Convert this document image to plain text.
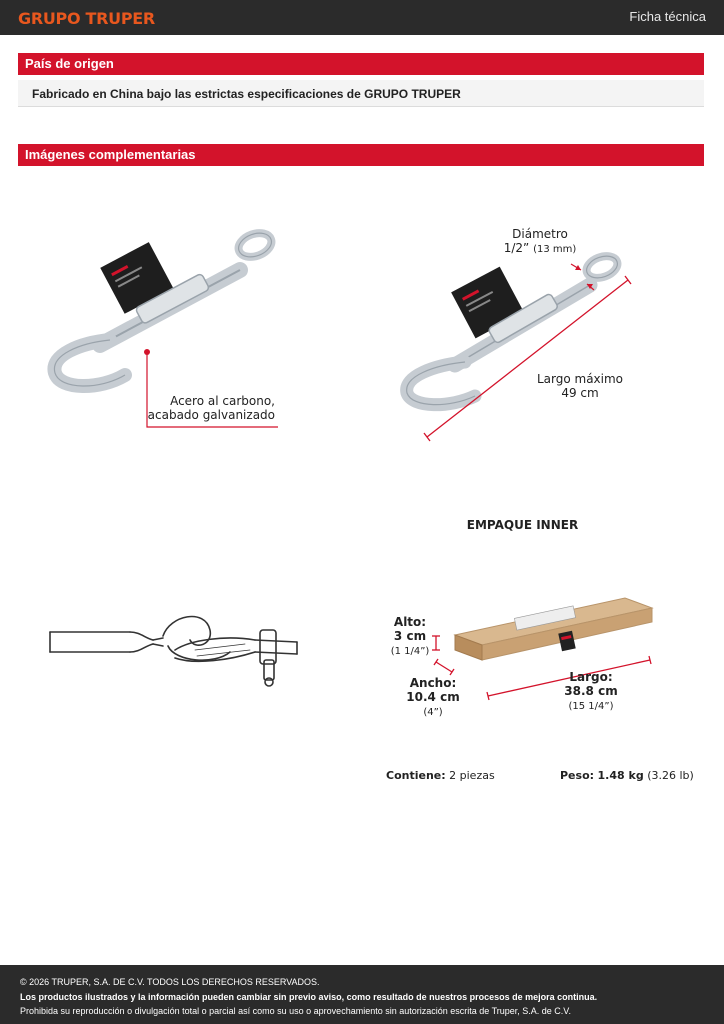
GRUPO TRUPER	Ficha técnica
País de origen
Fabricado en China bajo las estrictas especificaciones de GRUPO TRUPER
Imágenes complementarias
Acero al carbono,
acabado galvanizado
Diámetro
1/2” (13 mm)
Largo máximo
49 cm
EMPAQUE INNER
Alto:
3 cm
(1 1/4”)
Ancho:
10.4 cm
(4”)
Largo:
38.8 cm
(15 1/4”)
Contiene: 2 piezas	Peso: 1.48 kg (3.26 lb)
© 2026 TRUPER, S.A. DE C.V. TODOS LOS DERECHOS RESERVADOS.
Los productos ilustrados y la información pueden cambiar sin previo aviso, como resultado de nuestros procesos de mejora continua.
Prohibida su reproducción o divulgación total o parcial así como su uso o aprovechamiento sin autorización escrita de Truper, S.A. de C.V.
